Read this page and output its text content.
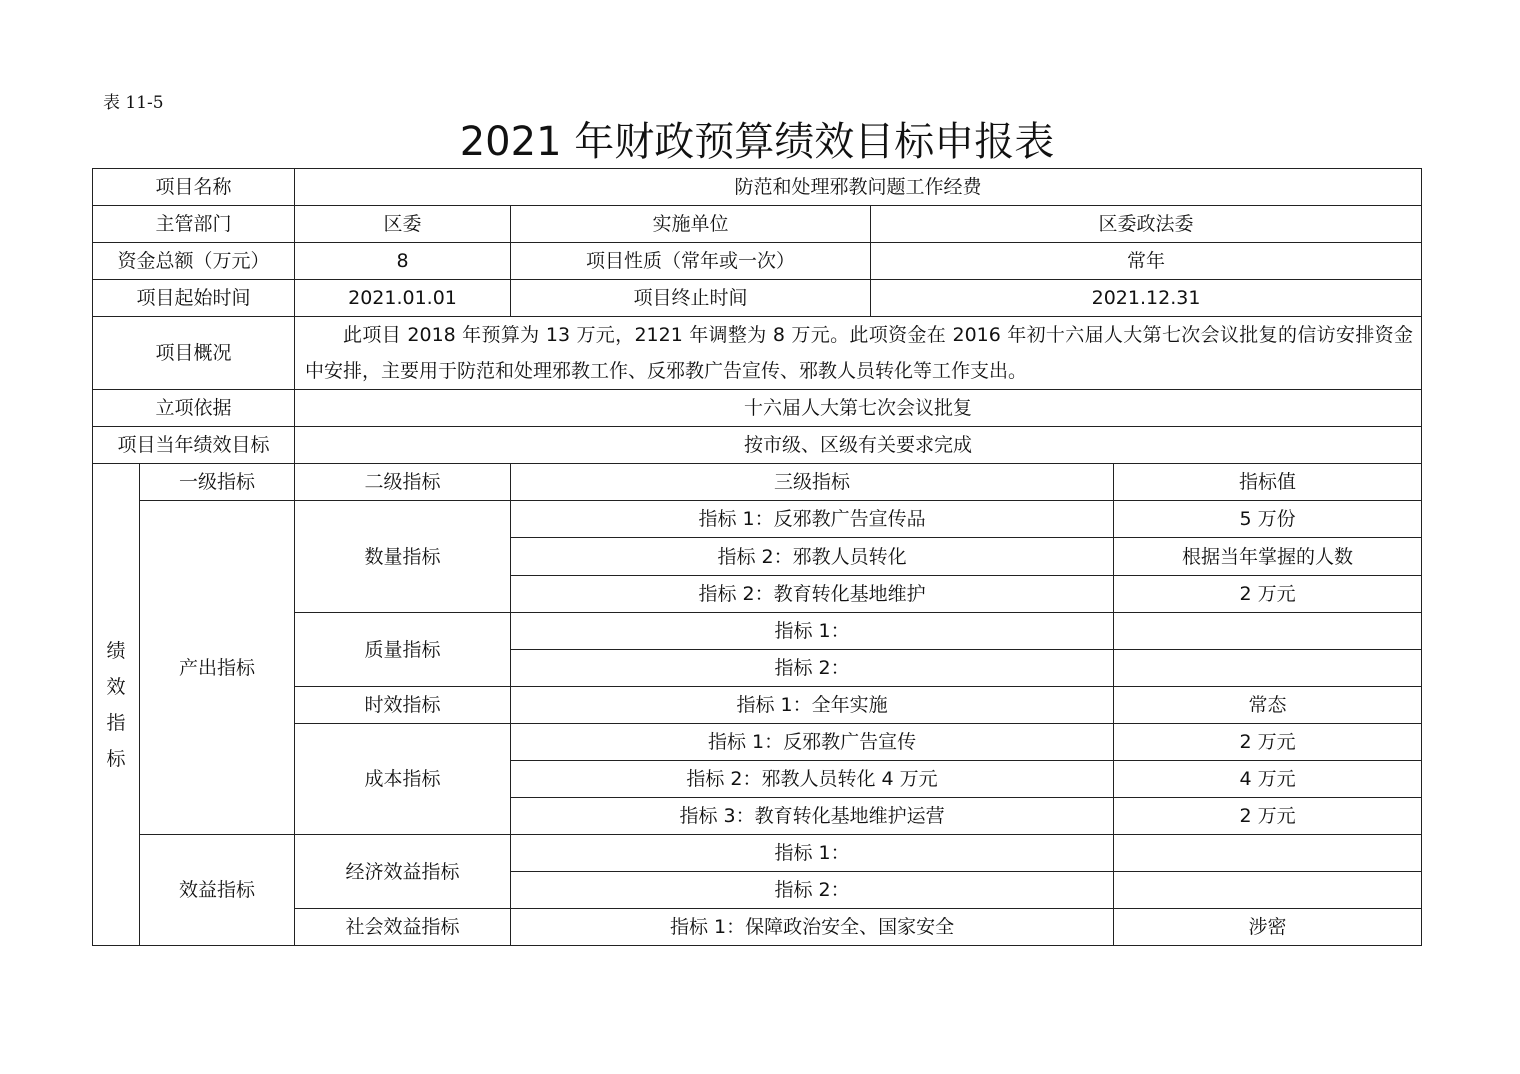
表 11-5
2021 年财政预算绩效目标申报表
项目名称		防范和处理邪教问题工作经费			
主管部门		区委	实施单位	区委政法委	
资金总额（万元）		8	项目性质（常年或一次）	常年	
项目起始时间		2021.01.01	项目终止时间	2021.12.31	
项目概况		此项目 2018 年预算为 13 万元，2121 年调整为 8 万元。此项资金在 2016 年初十六届人大第七次会议批复的信访安排资金中安排，主要用于防范和处理邪教工作、反邪教广告宣传、邪教人员转化等工作支出。			
立项依据		十六届人大第七次会议批复			
项目当年绩效目标		按市级、区级有关要求完成			

绩
效
指
标	一级指标	二级指标	三级指标		指标值
	产出指标	数量指标	指标 1：反邪教广告宣传品		5 万份
			指标 2：邪教人员转化		根据当年掌握的人数
			指标 2：教育转化基地维护		2 万元
		质量指标	指标 1：		
			指标 2：		
		时效指标	指标 1：全年实施		常态
		成本指标	指标 1：反邪教广告宣传		2 万元
			指标 2：邪教人员转化 4 万元		4 万元
			指标 3：教育转化基地维护运营		2 万元
	效益指标	经济效益指标	指标 1：		
			指标 2：		
		社会效益指标	指标 1：保障政治安全、国家安全		涉密
